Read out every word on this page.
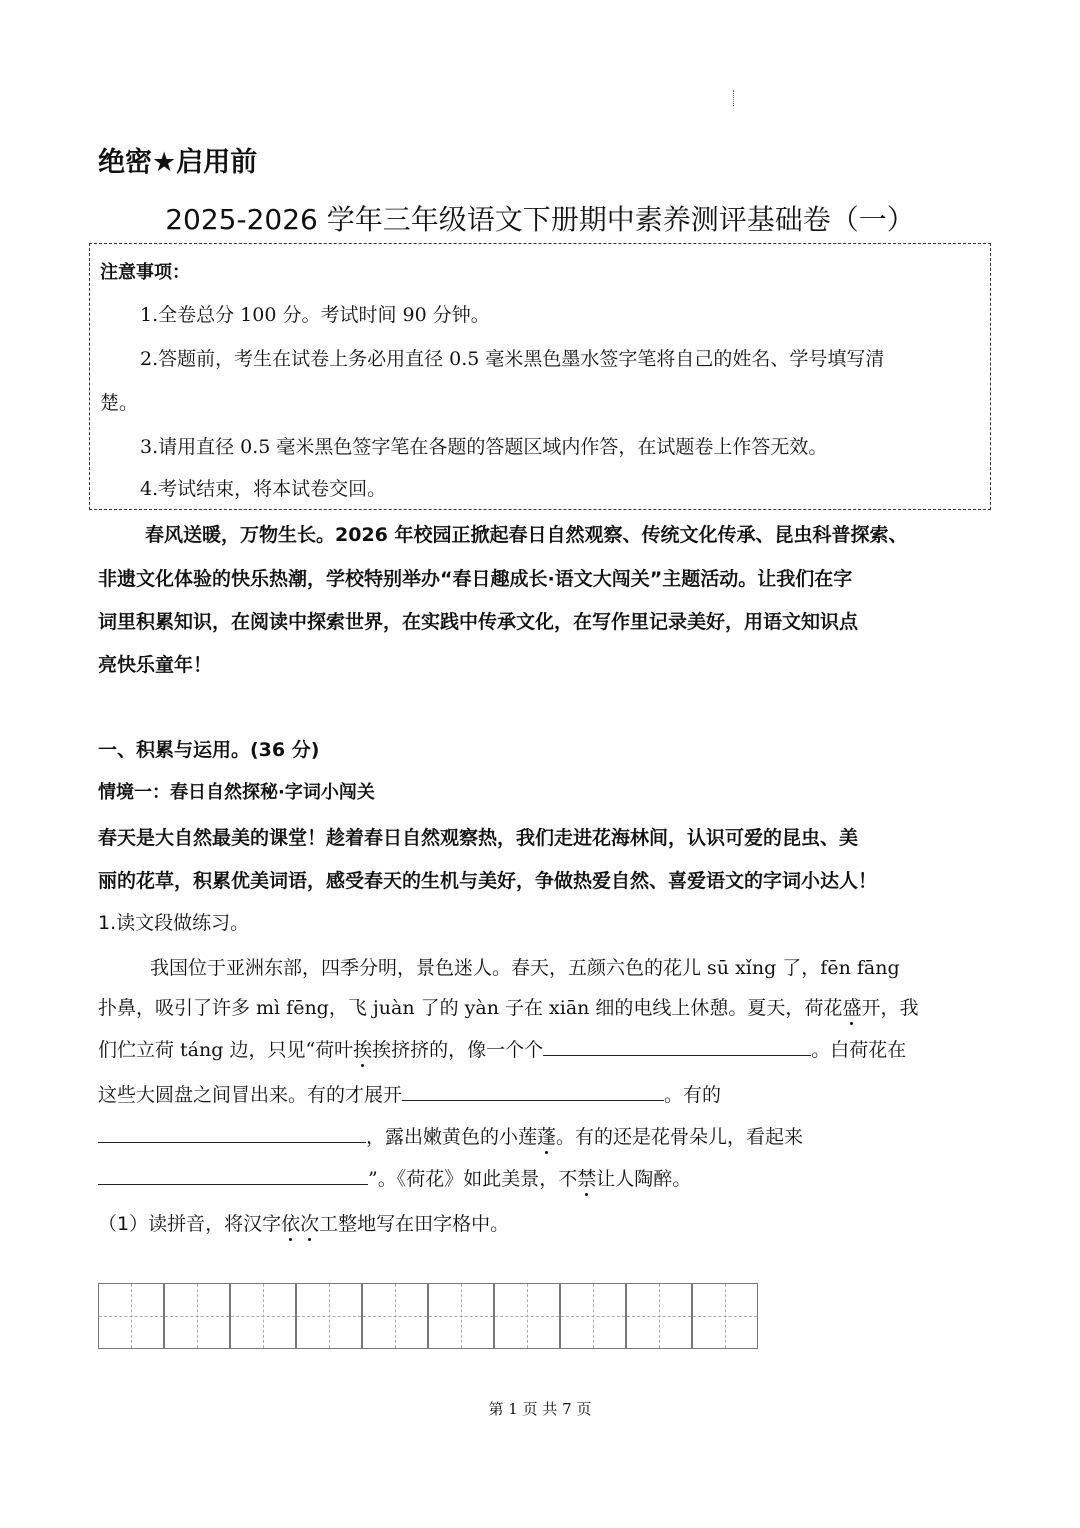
绝密★启用前
2025-2026 学年三年级语文下册期中素养测评基础卷（一）
注意事项：
1.全卷总分 100 分。考试时间 90 分钟。
2.答题前，考生在试卷上务必用直径 0.5 毫米黑色墨水签字笔将自己的姓名、学号填写清
楚。
3.请用直径 0.5 毫米黑色签字笔在各题的答题区域内作答，在试题卷上作答无效。
4.考试结束，将本试卷交回。
春风送暖，万物生长。2026 年校园正掀起春日自然观察、传统文化传承、昆虫科普探索、
非遗文化体验的快乐热潮，学校特别举办“春日趣成长·语文大闯关”主题活动。让我们在字
词里积累知识，在阅读中探索世界，在实践中传承文化，在写作里记录美好，用语文知识点
亮快乐童年！
一、积累与运用。(36 分)
情境一：春日自然探秘·字词小闯关
春天是大自然最美的课堂！趁着春日自然观察热，我们走进花海林间，认识可爱的昆虫、美
丽的花草，积累优美词语，感受春天的生机与美好，争做热爱自然、喜爱语文的字词小达人！
1.读文段做练习。
我国位于亚洲东部，四季分明，景色迷人。春天，五颜六色的花儿 sū xǐng 了，fēn fāng
扑鼻，吸引了许多 mì fēng，飞 juàn 了的 yàn 子在 xiān 细的电线上休憩。夏天，荷花盛开，我
们伫立荷 táng 边，只见“荷叶挨挨挤挤的，像一个个	。白荷花在
这些大圆盘之间冒出来。有的才展开	。有的
，露出嫩黄色的小莲蓬。有的还是花骨朵儿，看起来
”。《荷花》如此美景，不禁让人陶醉。
（1）读拼音，将汉字依次工整地写在田字格中。
第 1 页 共 7 页
